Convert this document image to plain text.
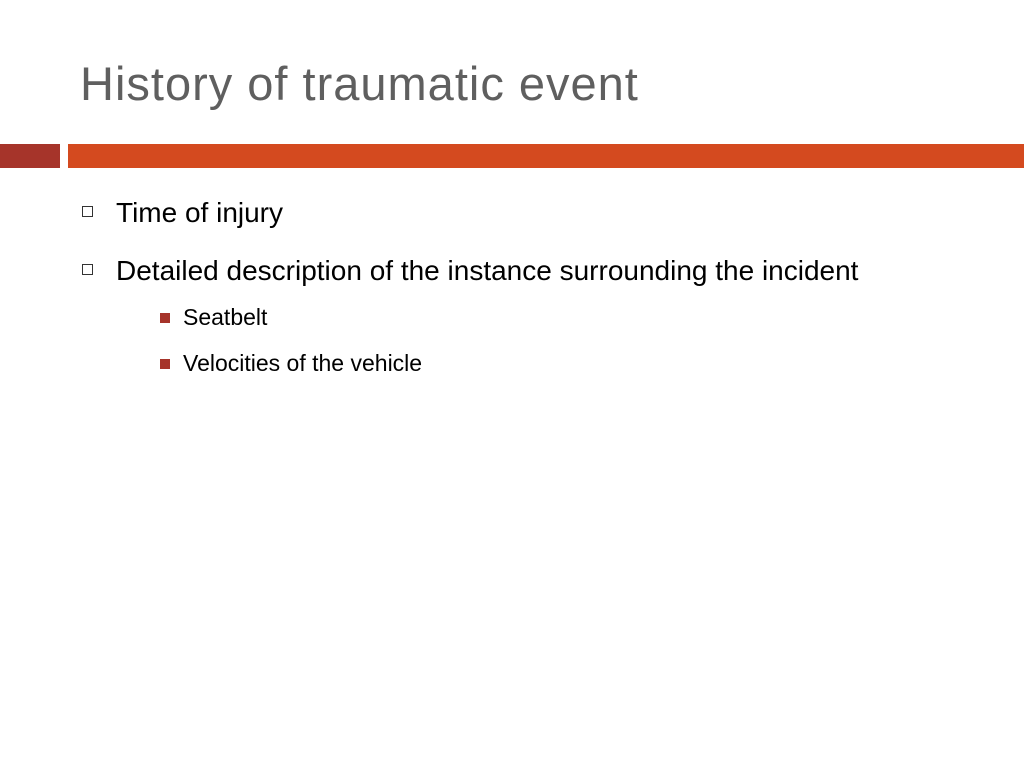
History of traumatic event
Time of injury
Detailed description of the instance surrounding the incident
Seatbelt
Velocities of the vehicle
